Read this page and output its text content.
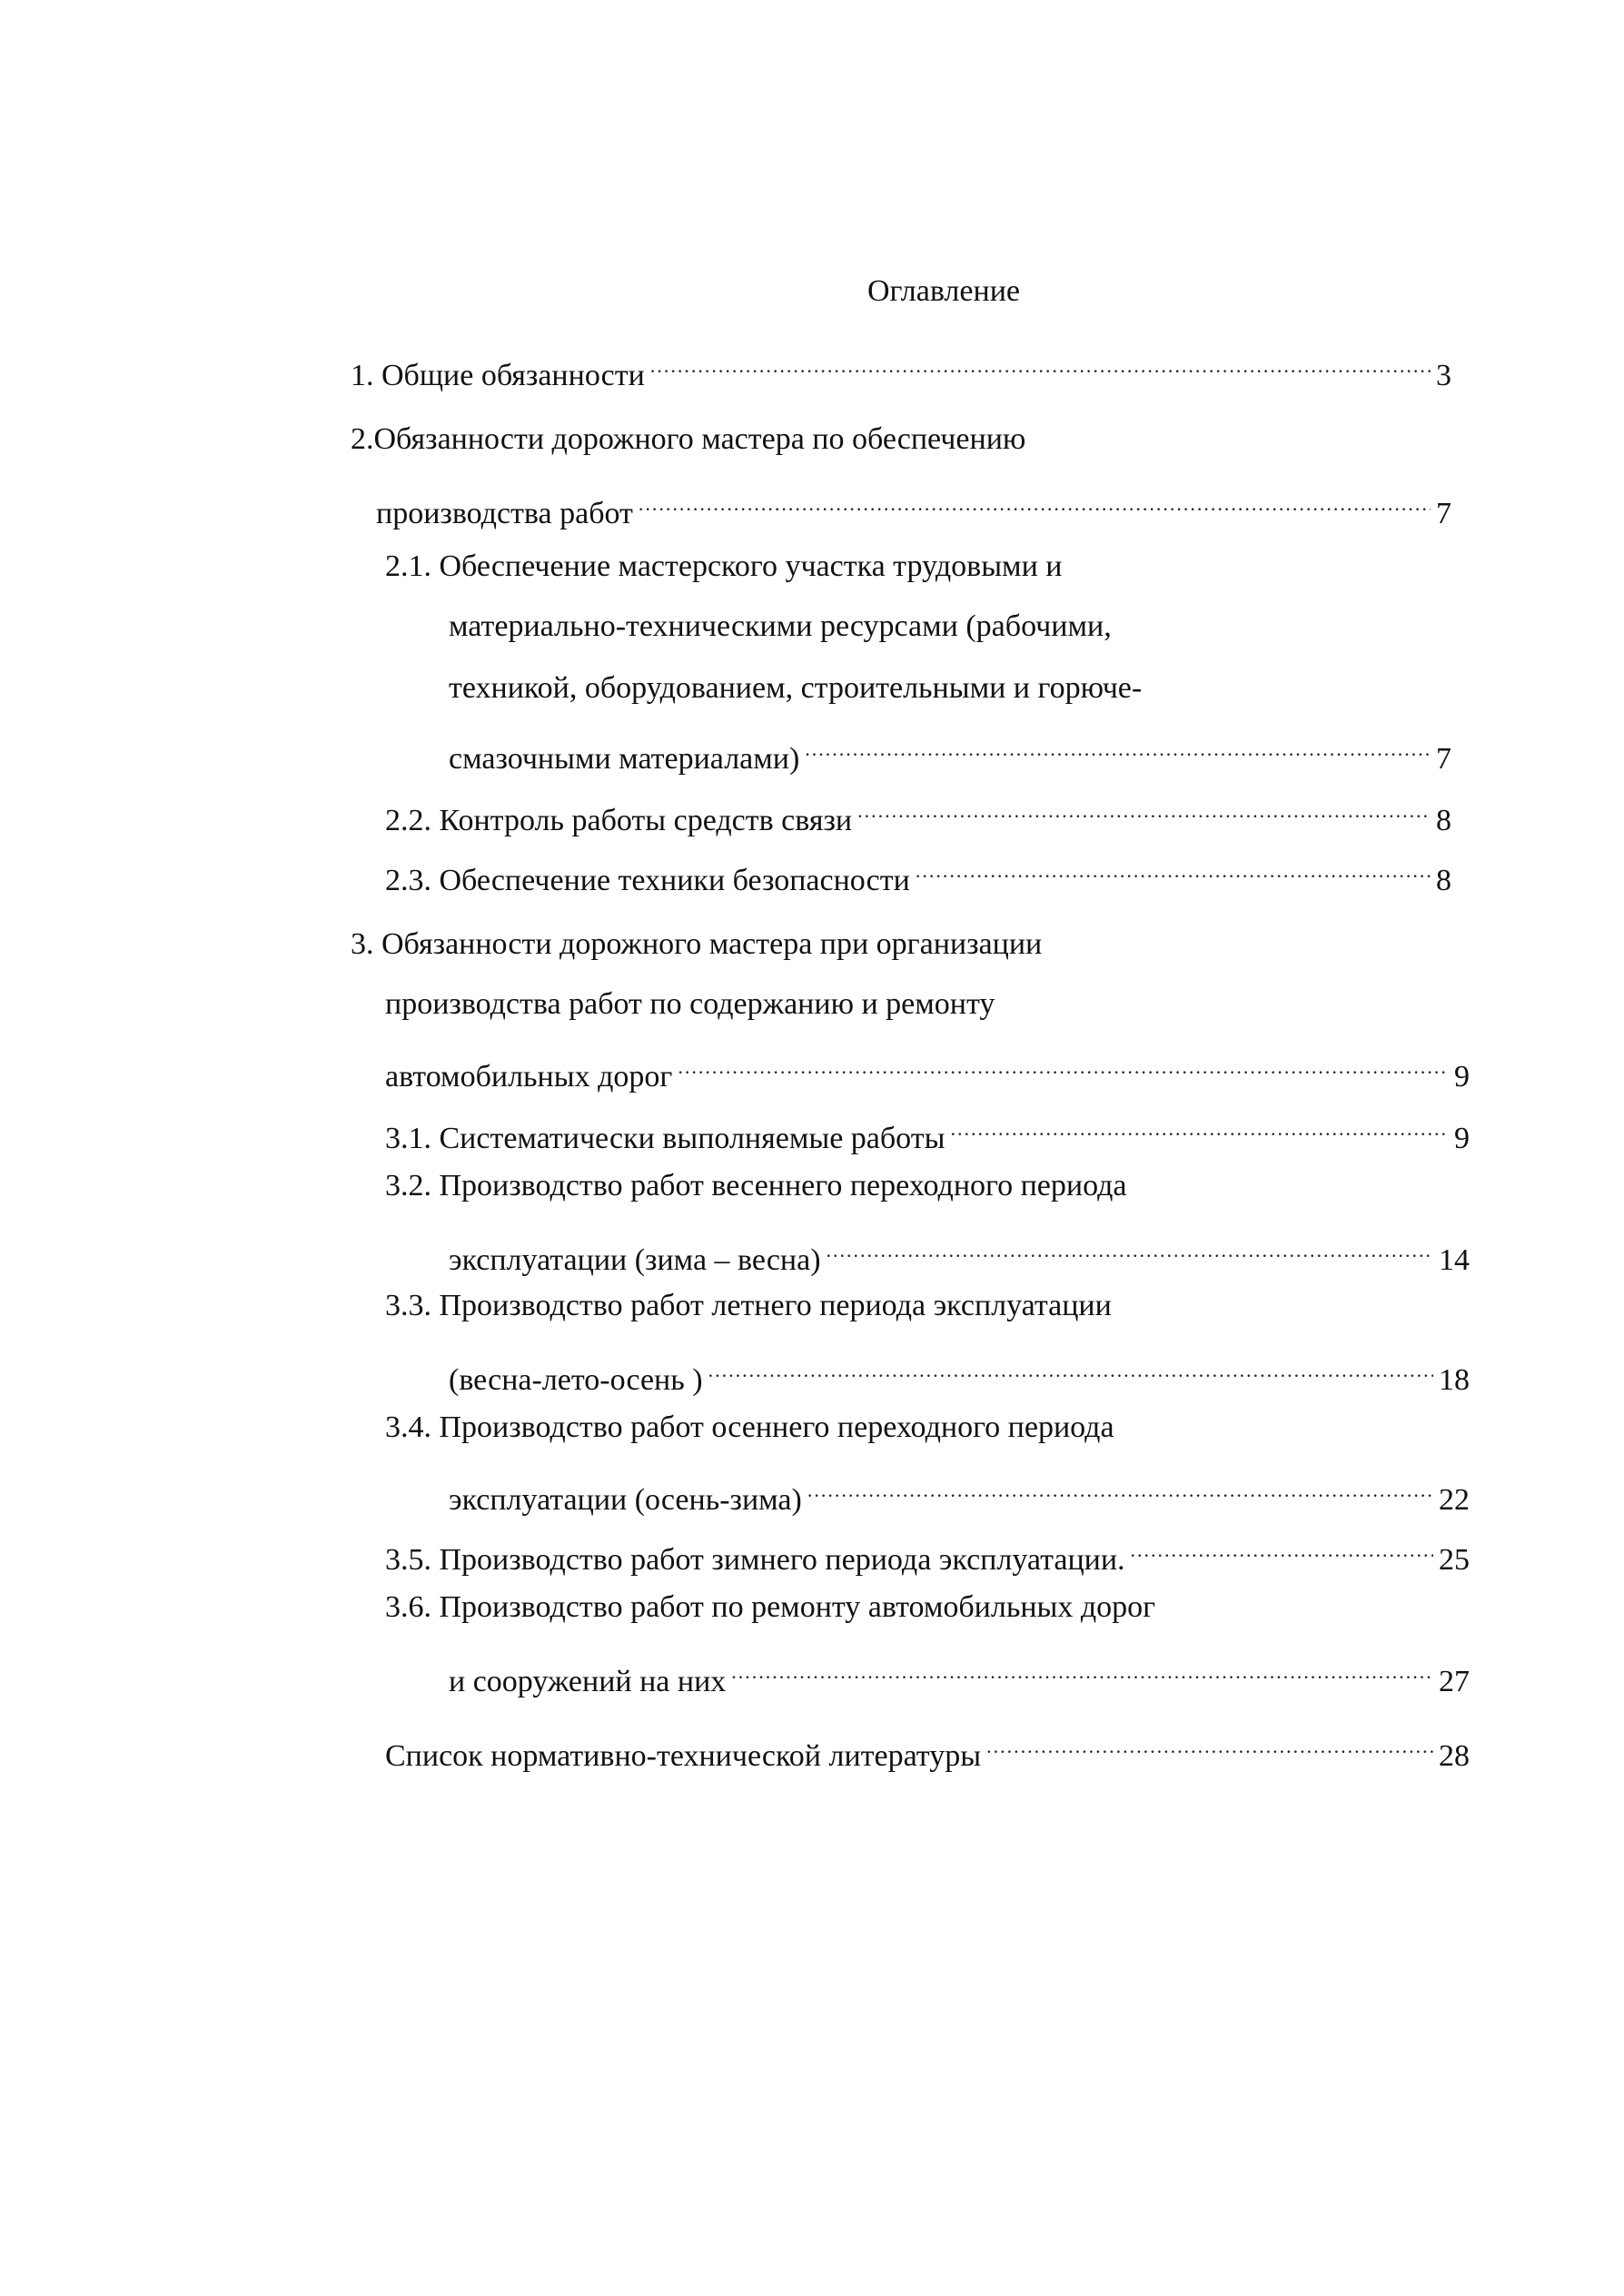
Оглавление
1. Общие обязанности .....	3
2.Обязанности дорожного мастера по обеспечению
производства работ .....	7
2.1. Обеспечение мастерского участка трудовыми и
материально-техническими ресурсами (рабочими,
техникой, оборудованием, строительными и горюче-
смазочными материалами) .....	7
2.2. Контроль работы средств связи .....	8
2.3. Обеспечение техники безопасности .....	8
3. Обязанности дорожного мастера при организации
производства работ по содержанию и ремонту
автомобильных дорог .....	9
3.1. Систематически выполняемые работы .....	9
3.2. Производство работ весеннего переходного периода
эксплуатации (зима – весна) .....	14
3.3. Производство работ летнего периода эксплуатации
(весна-лето-осень ) .....	18
3.4. Производство работ осеннего переходного периода
эксплуатации (осень-зима) .....	22
3.5. Производство работ зимнего периода эксплуатации. .....	25
3.6. Производство работ по ремонту автомобильных дорог
и сооружений на них .....	27
Список нормативно-технической литературы .....	28
